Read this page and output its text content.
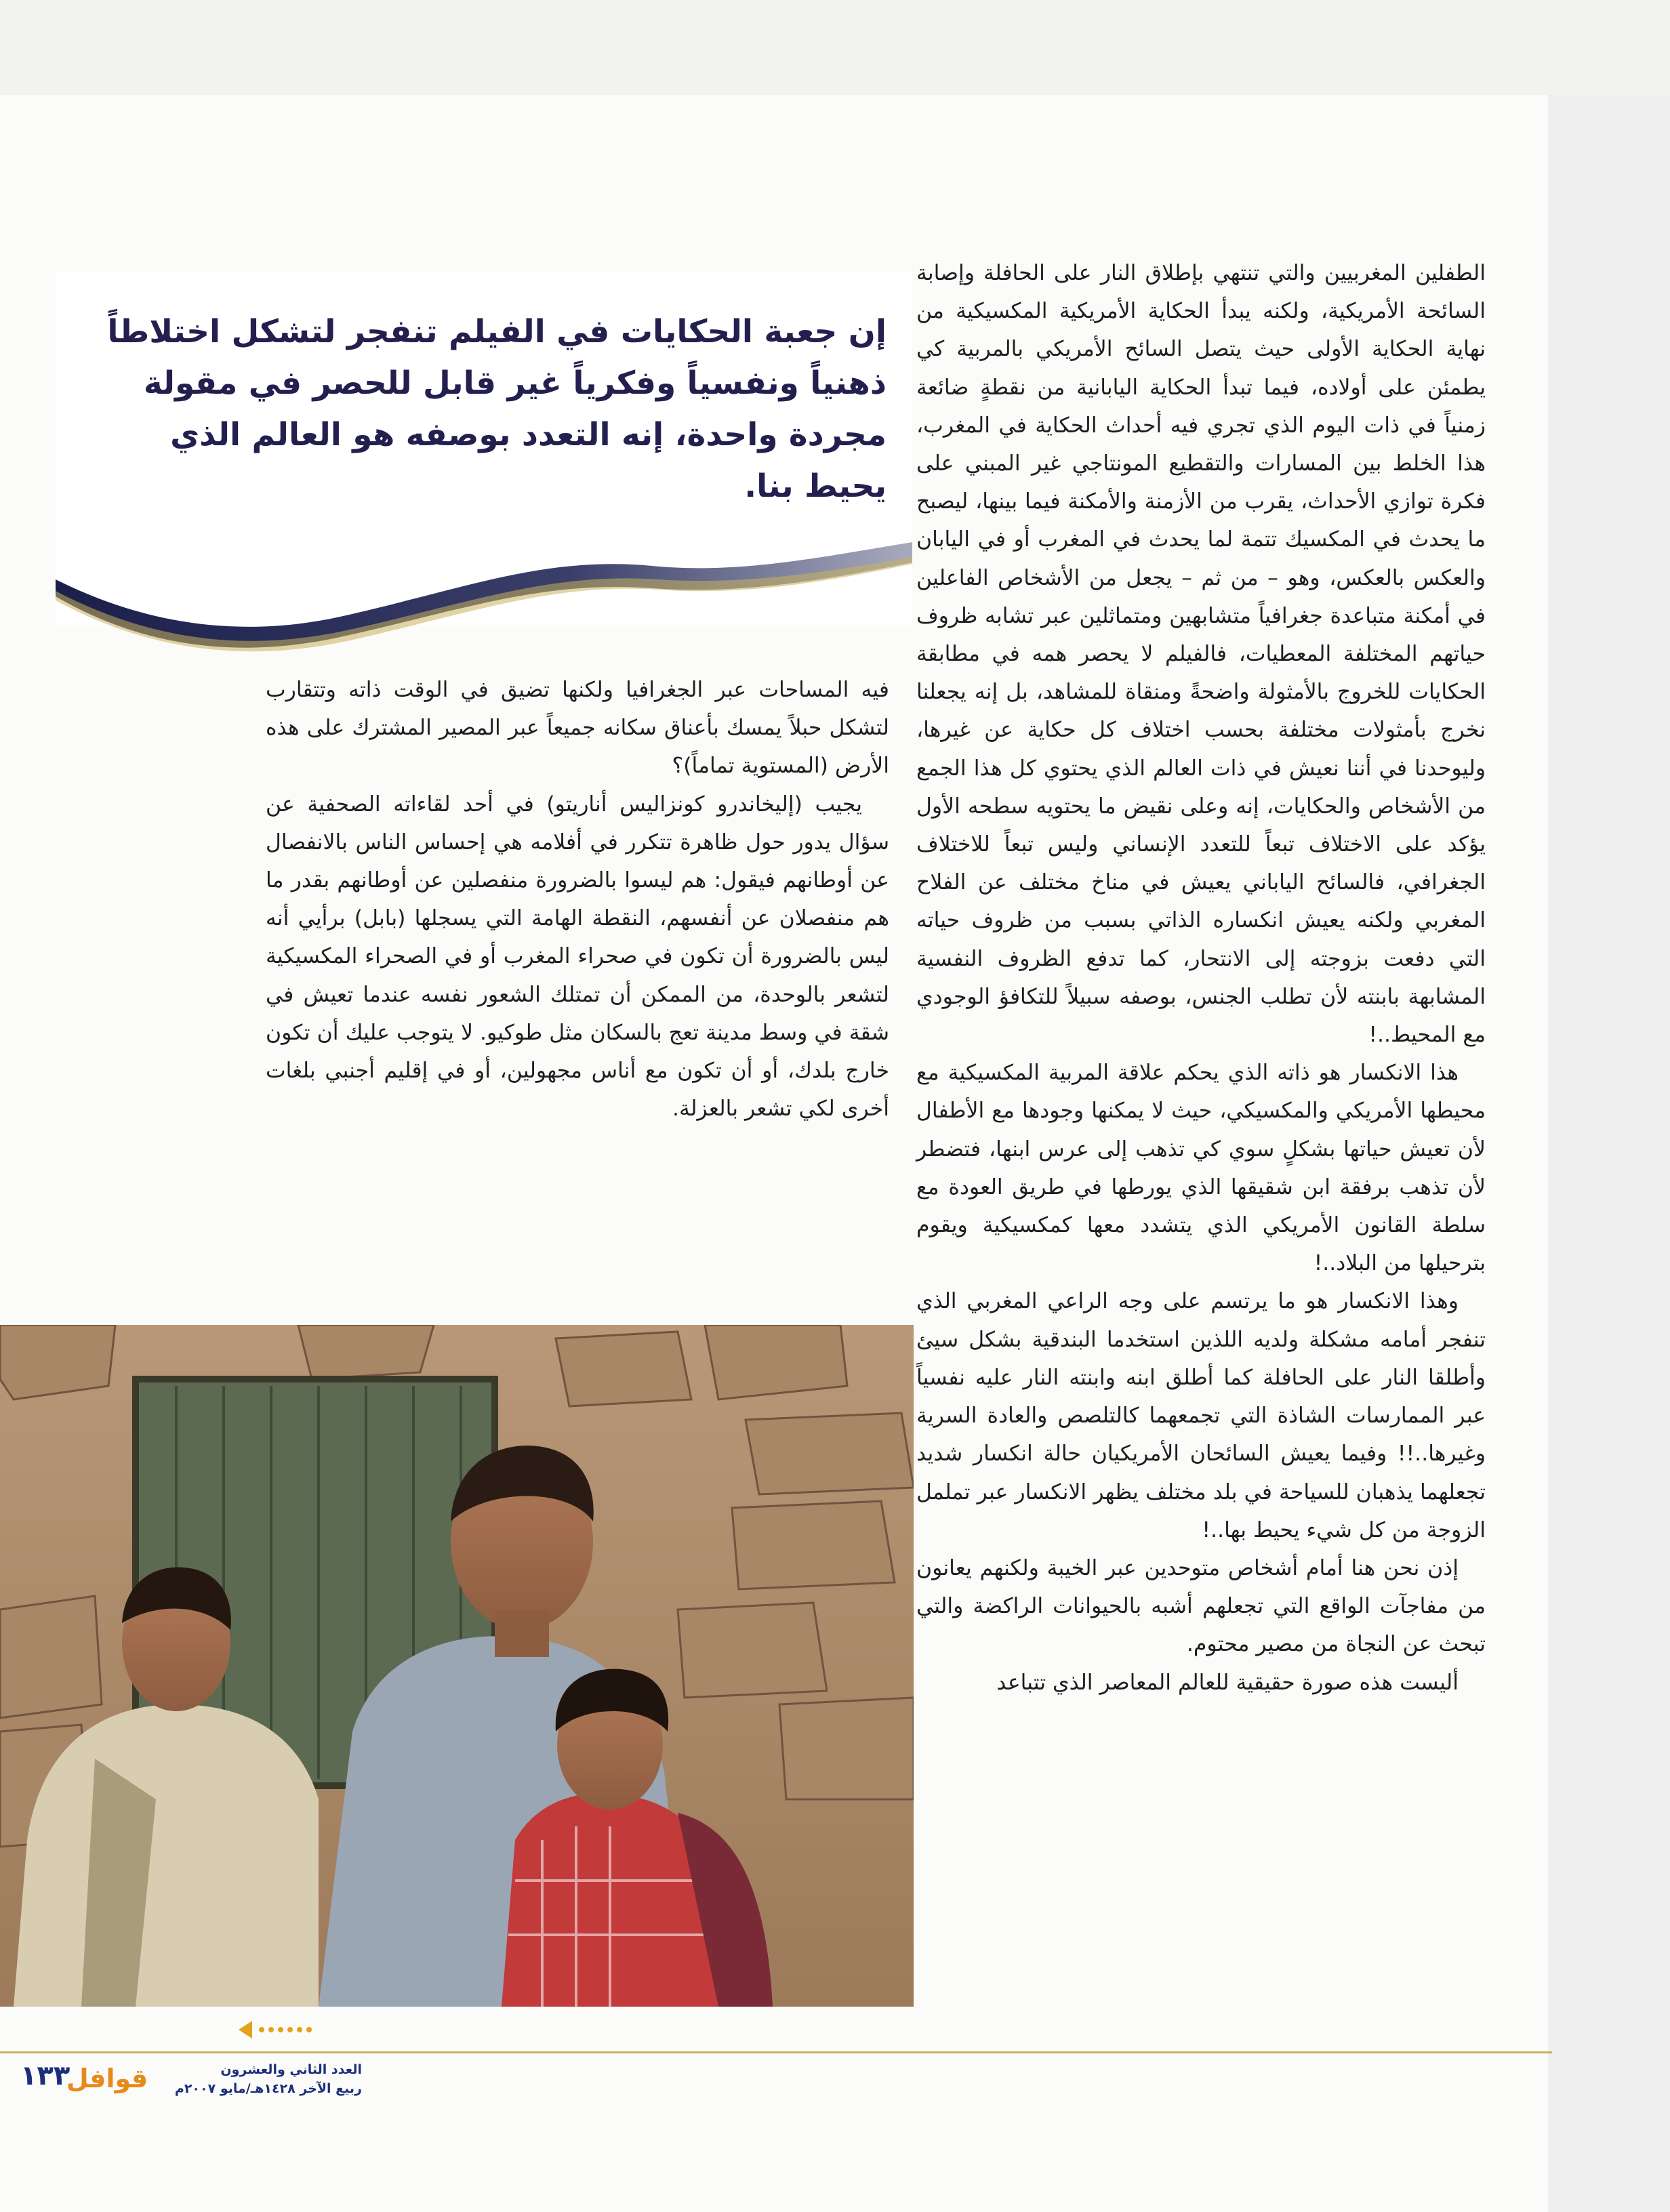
إن جعبة الحكايات في الفيلم تنفجر لتشكل اختلاطاً ذهنياً ونفسياً وفكرياً غير قابل للحصر في مقولة مجردة واحدة، إنه التعدد بوصفه هو العالم الذي يحيط بنا.

الطفلين المغربيين والتي تنتهي بإطلاق النار على الحافلة وإصابة السائحة الأمريكية، ولكنه يبدأ الحكاية الأمريكية المكسيكية من نهاية الحكاية الأولى حيث يتصل السائح الأمريكي بالمربية كي يطمئن على أولاده، فيما تبدأ الحكاية اليابانية من نقطةٍ ضائعة زمنياً في ذات اليوم الذي تجري فيه أحداث الحكاية في المغرب، هذا الخلط بين المسارات والتقطيع المونتاجي غير المبني على فكرة توازي الأحداث، يقرب من الأزمنة والأمكنة فيما بينها، ليصبح ما يحدث في المكسيك تتمة لما يحدث في المغرب أو في اليابان والعكس بالعكس، وهو – من ثم – يجعل من الأشخاص الفاعلين في أمكنة متباعدة جغرافياً متشابهين ومتماثلين عبر تشابه ظروف حياتهم المختلفة المعطيات، فالفيلم لا يحصر همه في مطابقة الحكايات للخروج بالأمثولة واضحةً ومنقاة للمشاهد، بل إنه يجعلنا نخرج بأمثولات مختلفة بحسب اختلاف كل حكاية عن غيرها، وليوحدنا في أننا نعيش في ذات العالم الذي يحتوي كل هذا الجمع من الأشخاص والحكايات، إنه وعلى نقيض ما يحتويه سطحه الأول يؤكد على الاختلاف تبعاً للتعدد الإنساني وليس تبعاً للاختلاف الجغرافي، فالسائح الياباني يعيش في مناخ مختلف عن الفلاح المغربي ولكنه يعيش انكساره الذاتي بسبب من ظروف حياته التي دفعت بزوجته إلى الانتحار، كما تدفع الظروف النفسية المشابهة بابنته لأن تطلب الجنس، بوصفه سبيلاً للتكافؤ الوجودي مع المحيط..!

هذا الانكسار هو ذاته الذي يحكم علاقة المربية المكسيكية مع محيطها الأمريكي والمكسيكي، حيث لا يمكنها وجودها مع الأطفال لأن تعيش حياتها بشكلٍ سوي كي تذهب إلى عرس ابنها، فتضطر لأن تذهب برفقة ابن شقيقها الذي يورطها في طريق العودة مع سلطة القانون الأمريكي الذي يتشدد معها كمكسيكية ويقوم بترحيلها من البلاد..!

وهذا الانكسار هو ما يرتسم على وجه الراعي المغربي الذي تنفجر أمامه مشكلة ولديه اللذين استخدما البندقية بشكل سيئ وأطلقا النار على الحافلة كما أطلق ابنه وابنته النار عليه نفسياً عبر الممارسات الشاذة التي تجمعهما كالتلصص والعادة السرية وغيرها..!! وفيما يعيش السائحان الأمريكيان حالة انكسار شديد تجعلهما يذهبان للسياحة في بلد مختلف يظهر الانكسار عبر تململ الزوجة من كل شيء يحيط بها..!

إذن نحن هنا أمام أشخاص متوحدين عبر الخيبة ولكنهم يعانون من مفاجآت الواقع التي تجعلهم أشبه بالحيوانات الراكضة والتي تبحث عن النجاة من مصير محتوم.

أليست هذه صورة حقيقية للعالم المعاصر الذي تتباعد

فيه المساحات عبر الجغرافيا ولكنها تضيق في الوقت ذاته وتتقارب لتشكل حبلاً يمسك بأعناق سكانه جميعاً عبر المصير المشترك على هذه الأرض (المستوية تماماً)؟

يجيب (إليخاندرو كونزاليس أناريتو) في أحد لقاءاته الصحفية عن سؤال يدور حول ظاهرة تتكرر في أفلامه هي إحساس الناس بالانفصال عن أوطانهم فيقول: هم ليسوا بالضرورة منفصلين عن أوطانهم بقدر ما هم منفصلان عن أنفسهم، النقطة الهامة التي يسجلها (بابل) برأيي أنه ليس بالضرورة أن تكون في صحراء المغرب أو في الصحراء المكسيكية لتشعر بالوحدة، من الممكن أن تمتلك الشعور نفسه عندما تعيش في شقة في وسط مدينة تعج بالسكان مثل طوكيو. لا يتوجب عليك أن تكون خارج بلدك، أو أن تكون مع أناس مجهولين، أو في إقليم أجنبي بلغات أخرى لكي تشعر بالعزلة.

١٣٣

قوافل	العدد الثاني والعشرون
ربيع الآخر ١٤٢٨هـ/مايو ٢٠٠٧م
